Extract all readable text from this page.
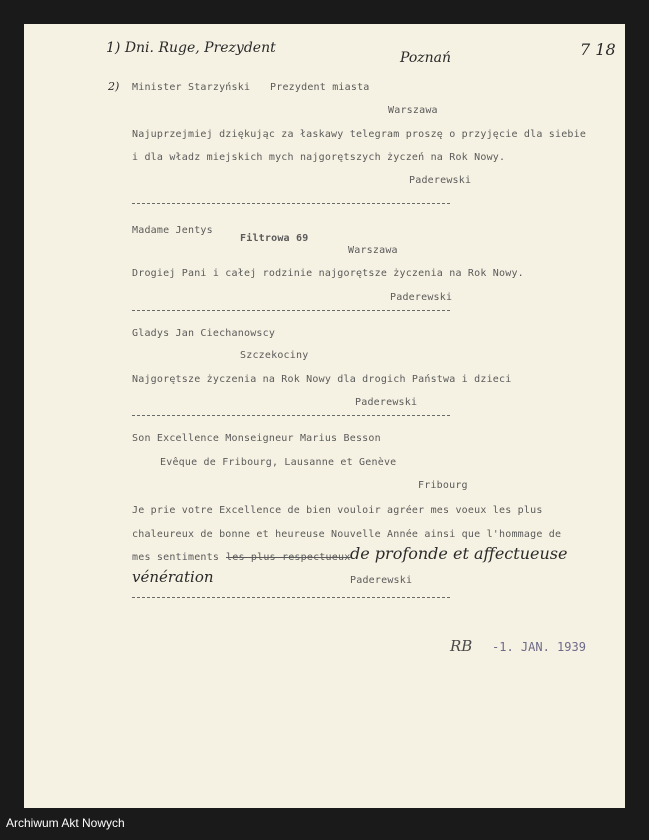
1) Dni. Ruge, Prezydent
Poznań	7 18
2) Minister Starzyński Prezydent miasta
Warszawa
Najuprzejmiej dziękując za łaskawy telegram proszę o przyjęcie dla siebie
i dla władz miejskich mych najgorętszych życzeń na Rok Nowy.
Paderewski
Madame Jentys
Filtrowa 69
Warszawa
Drogiej Pani i całej rodzinie najgorętsze życzenia na Rok Nowy.
Paderewski
Gladys Jan Ciechanowscy
Szczekociny
Najgorętsze życzenia na Rok Nowy dla drogich Państwa i dzieci
Paderewski
Son Excellence Monseigneur Marius Besson
Evêque de Fribourg, Lausanne et Genève
Fribourg
Je prie votre Excellence de bien vouloir agréer mes voeux les plus
chaleureux de bonne et heureuse Nouvelle Année ainsi que l'hommage de
mes sentiments les plus respectueux de profonde et affectueuse
vénération	Paderewski
RB -1. JAN. 1939
Archiwum Akt Nowych
